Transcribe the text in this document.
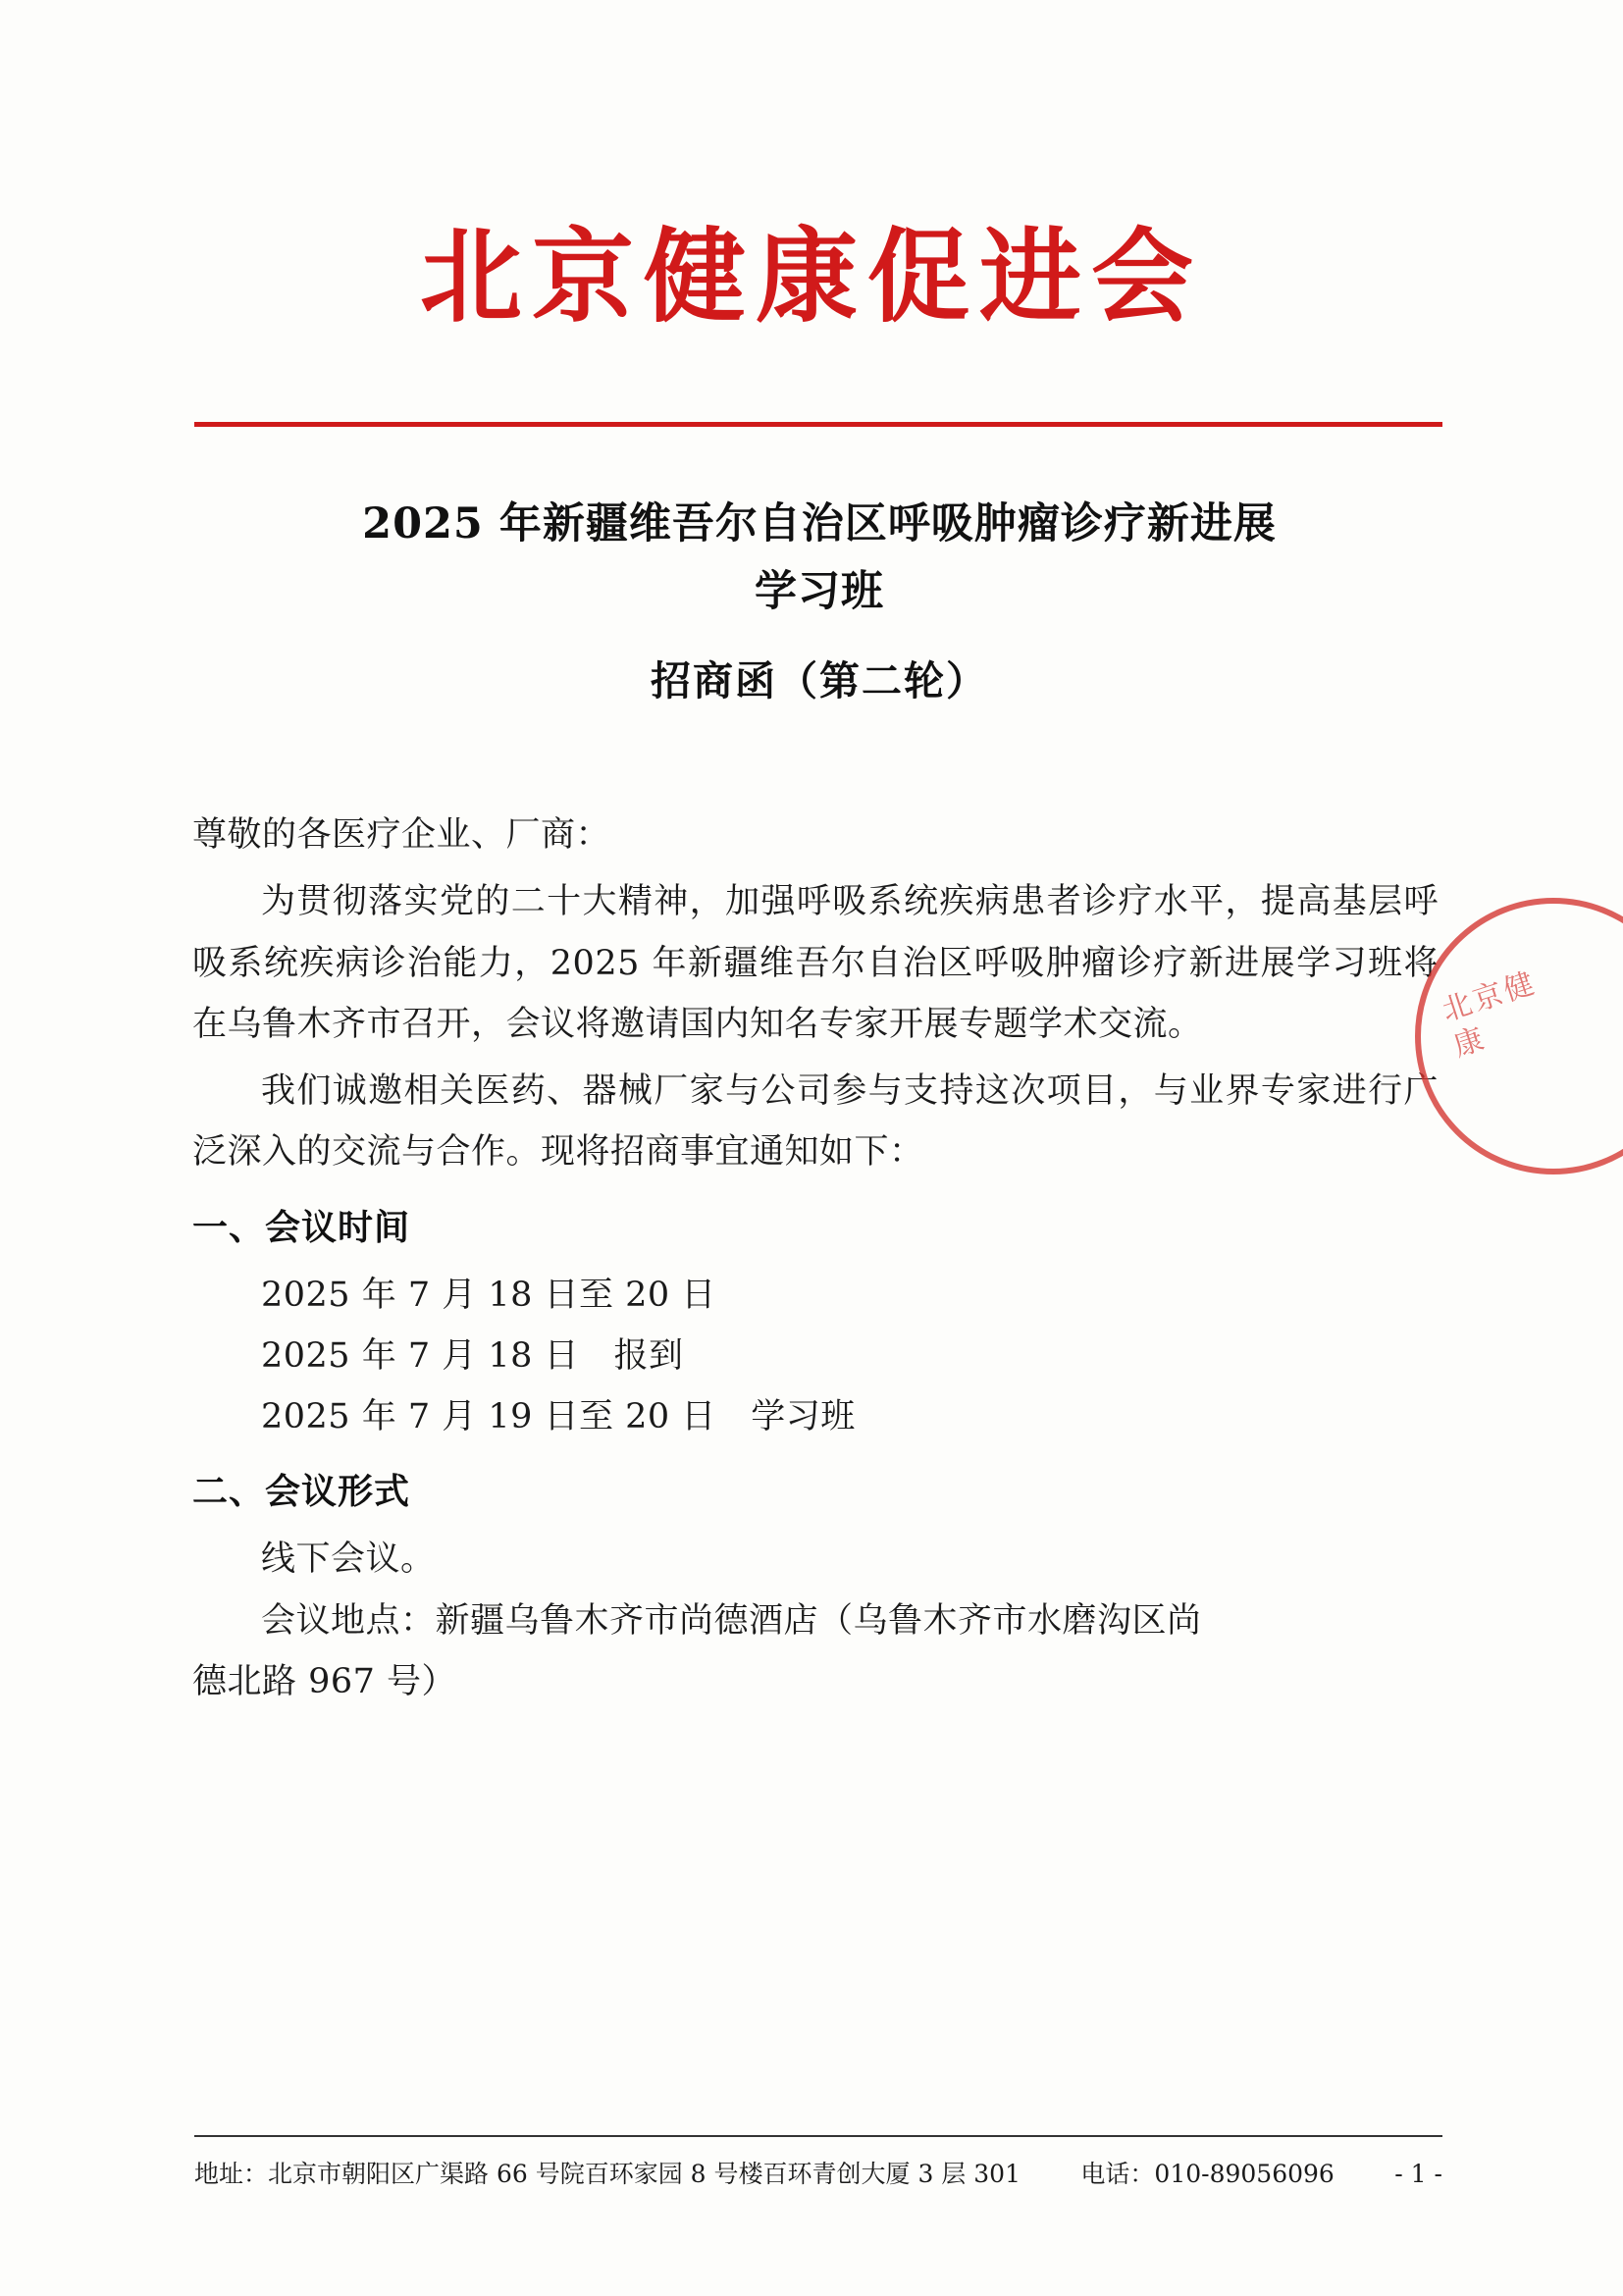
北京健康促进会
2025 年新疆维吾尔自治区呼吸肿瘤诊疗新进展
学习班
招商函（第二轮）

尊敬的各医疗企业、厂商：

为贯彻落实党的二十大精神，加强呼吸系统疾病患者诊疗水平，提高基层呼吸系统疾病诊治能力，2025 年新疆维吾尔自治区呼吸肿瘤诊疗新进展学习班将在乌鲁木齐市召开，会议将邀请国内知名专家开展专题学术交流。

我们诚邀相关医药、器械厂家与公司参与支持这次项目，与业界专家进行广泛深入的交流与合作。现将招商事宜通知如下：

一、会议时间

2025 年 7 月 18 日至 20 日

2025 年 7 月 18 日　报到

2025 年 7 月 19 日至 20 日　学习班

二、会议形式

线下会议。

会议地点：新疆乌鲁木齐市尚德酒店（乌鲁木齐市水磨沟区尚

德北路 967 号）

北京健康
地址：北京市朝阳区广渠路 66 号院百环家园 8 号楼百环青创大厦 3 层 301 电话：010-89056096 - 1 -
